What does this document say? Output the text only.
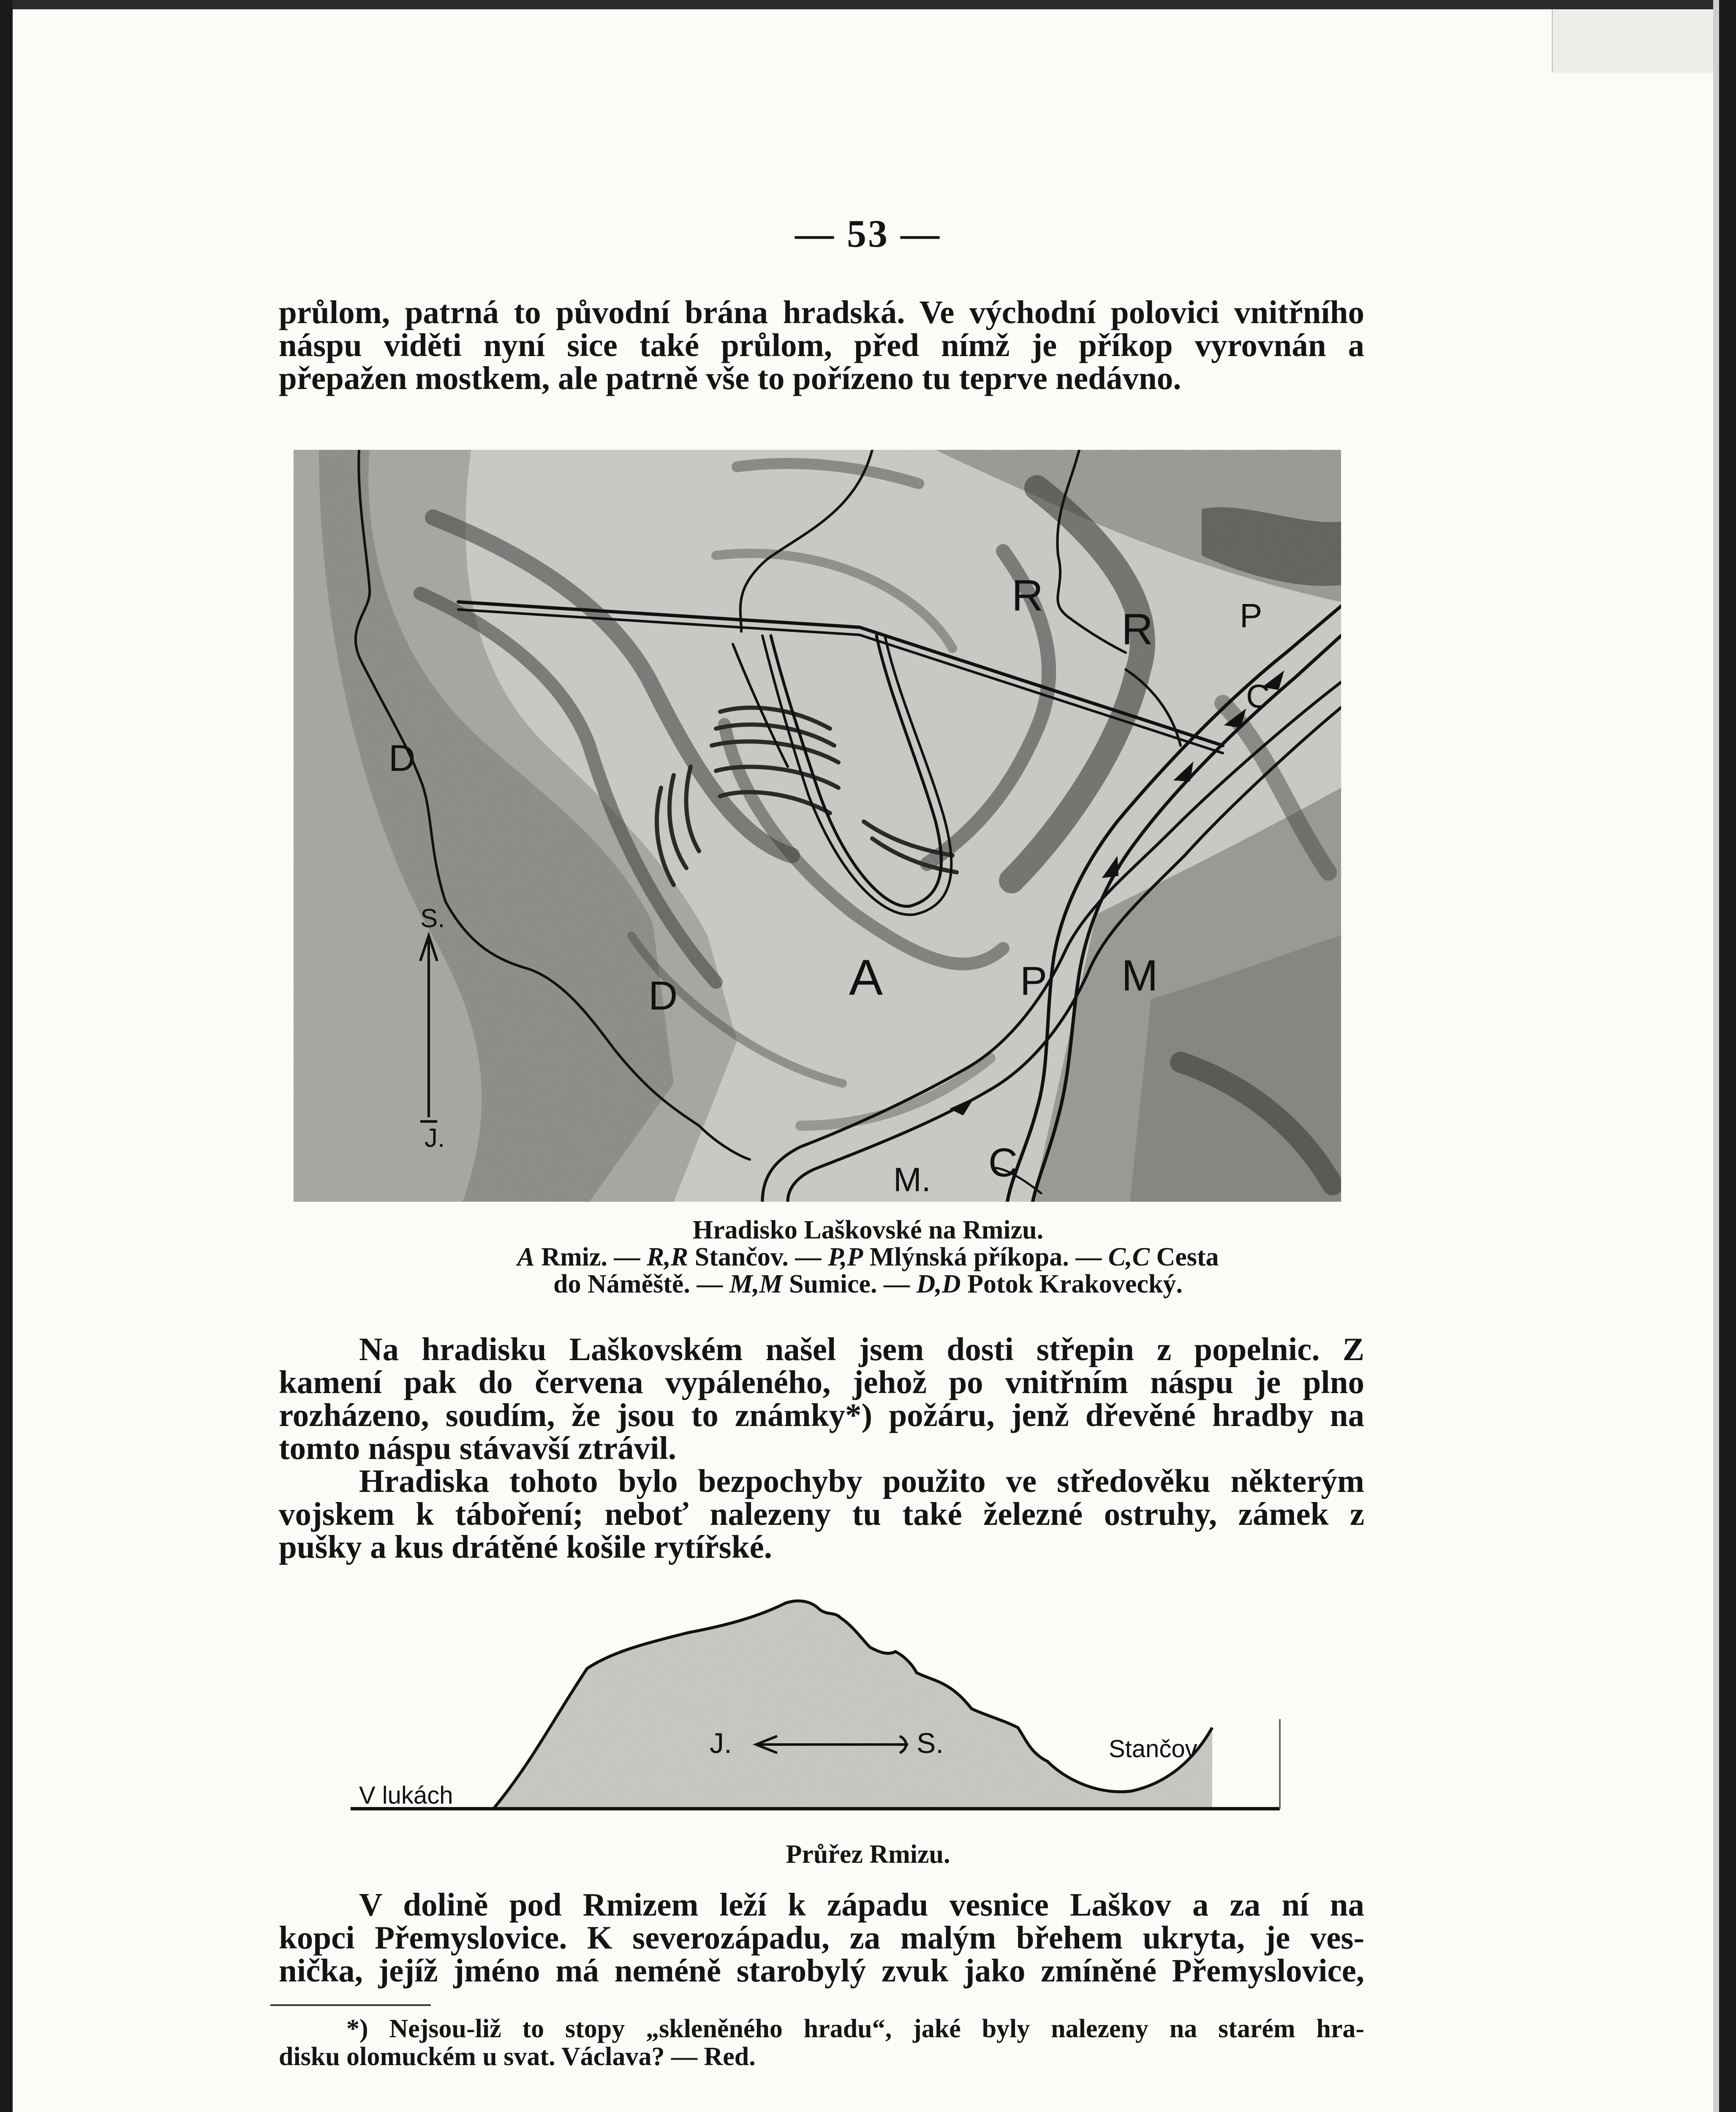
— 53 —
průlom, patrná to původní brána hradská. Ve východní polovici vnitřního
náspu viděti nyní sice také průlom, před nímž je příkop vyrovnán a
přepažen mostkem, ale patrně vše to pořízeno tu teprve nedávno.
A
R
R	P
P
C
C
M
M.
D
D
S.
J.
Hradisko Laškovské na Rmizu.
A Rmiz. — R,R Stančov. — P,P Mlýnská příkopa. — C,C Cesta
do Náměště. — M,M Sumice. — D,D Potok Krakovecký.
Na hradisku Laškovském našel jsem dosti střepin z popelnic. Z
kamení pak do červena vypáleného, jehož po vnitřním náspu je plno
rozházeno, soudím, že jsou to známky*) požáru, jenž dřevěné hradby na
tomto náspu stávavší ztrávil.
Hradiska tohoto bylo bezpochyby použito ve středověku některým
vojskem k táboření; neboť nalezeny tu také železné ostruhy, zámek z
pušky a kus drátěné košile rytířské.
J.	S.	Stančov
V lukách
Průřez Rmizu.
V dolině pod Rmizem leží k západu vesnice Laškov a za ní na
kopci Přemyslovice. K severozápadu, za malým břehem ukryta, je ves-
nička, jejíž jméno má neméně starobylý zvuk jako zmíněné Přemyslovice,
*) Nejsou-liž to stopy „skleněného hradu“, jaké byly nalezeny na starém hra-
disku olomuckém u svat. Václava? — Red.
